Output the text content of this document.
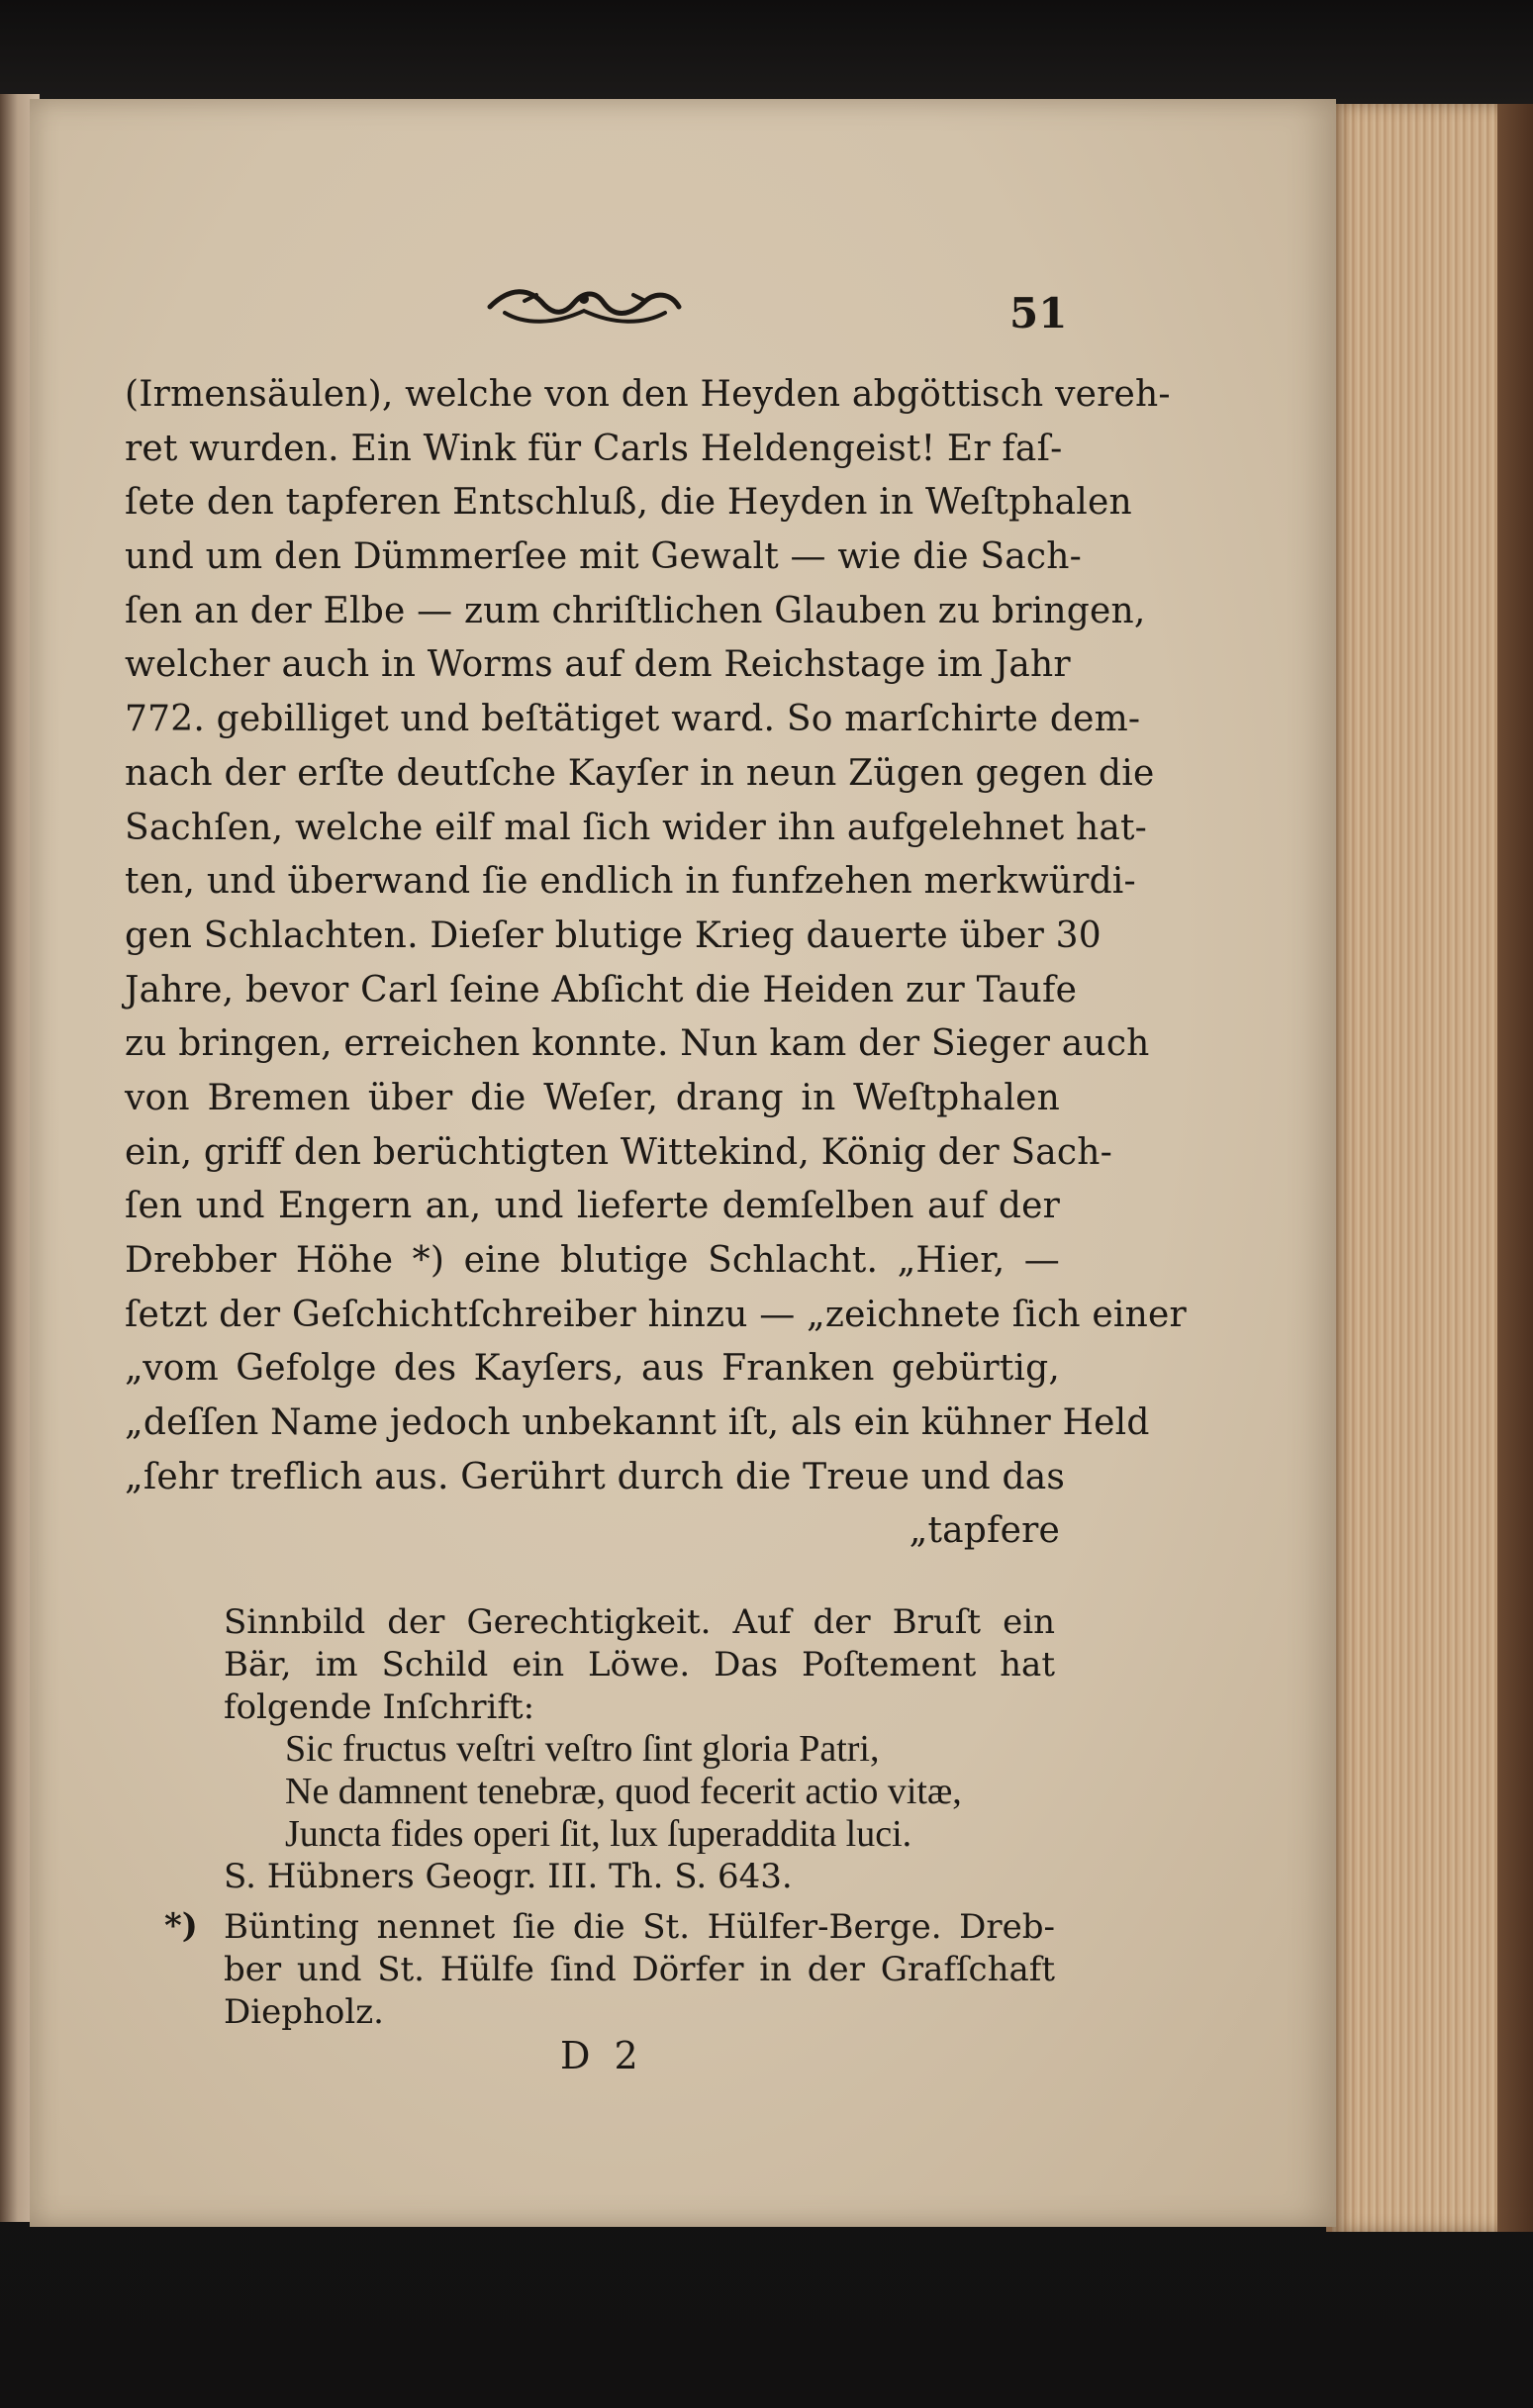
51
(Irmensäulen), welche von den Heyden abgöttisch vereh-
ret wurden. Ein Wink für Carls Heldengeist! Er faſ-
ſete den tapferen Entschluß, die Heyden in Weſtphalen
und um den Dümmerſee mit Gewalt — wie die Sach-
ſen an der Elbe — zum chriſtlichen Glauben zu bringen,
welcher auch in Worms auf dem Reichstage im Jahr
772. gebilliget und beſtätiget ward. So marſchirte dem-
nach der erſte deutſche Kayſer in neun Zügen gegen die
Sachſen, welche eilf mal ſich wider ihn aufgelehnet hat-
ten, und überwand ſie endlich in funfzehen merkwürdi-
gen Schlachten. Dieſer blutige Krieg dauerte über 30
Jahre, bevor Carl ſeine Abſicht die Heiden zur Taufe
zu bringen, erreichen konnte. Nun kam der Sieger auch
von Bremen über die Weſer, drang in Weſtphalen
ein, griff den berüchtigten Wittekind, König der Sach-
ſen und Engern an, und lieferte demſelben auf der
Drebber Höhe *) eine blutige Schlacht. „Hier, —
ſetzt der Geſchichtſchreiber hinzu — „zeichnete ſich einer
„vom Gefolge des Kayſers, aus Franken gebürtig,
„deſſen Name jedoch unbekannt iſt, als ein kühner Held
„ſehr treflich aus. Gerührt durch die Treue und das
„tapfere
Sinnbild der Gerechtigkeit. Auf der Bruſt ein
Bär, im Schild ein Löwe. Das Poſtement hat
folgende Inſchrift:
Sic fructus veſtri veſtro ſint gloria Patri,
Ne damnent tenebræ, quod fecerit actio vitæ,
Juncta fides operi ſit, lux ſuperaddita luci.
S. Hübners Geogr. III. Th. S. 643.
*) Bünting nennet ſie die St. Hülfer-Berge. Dreb-
ber und St. Hülfe ſind Dörfer in der Grafſchaft
Diepholz.
D 2
